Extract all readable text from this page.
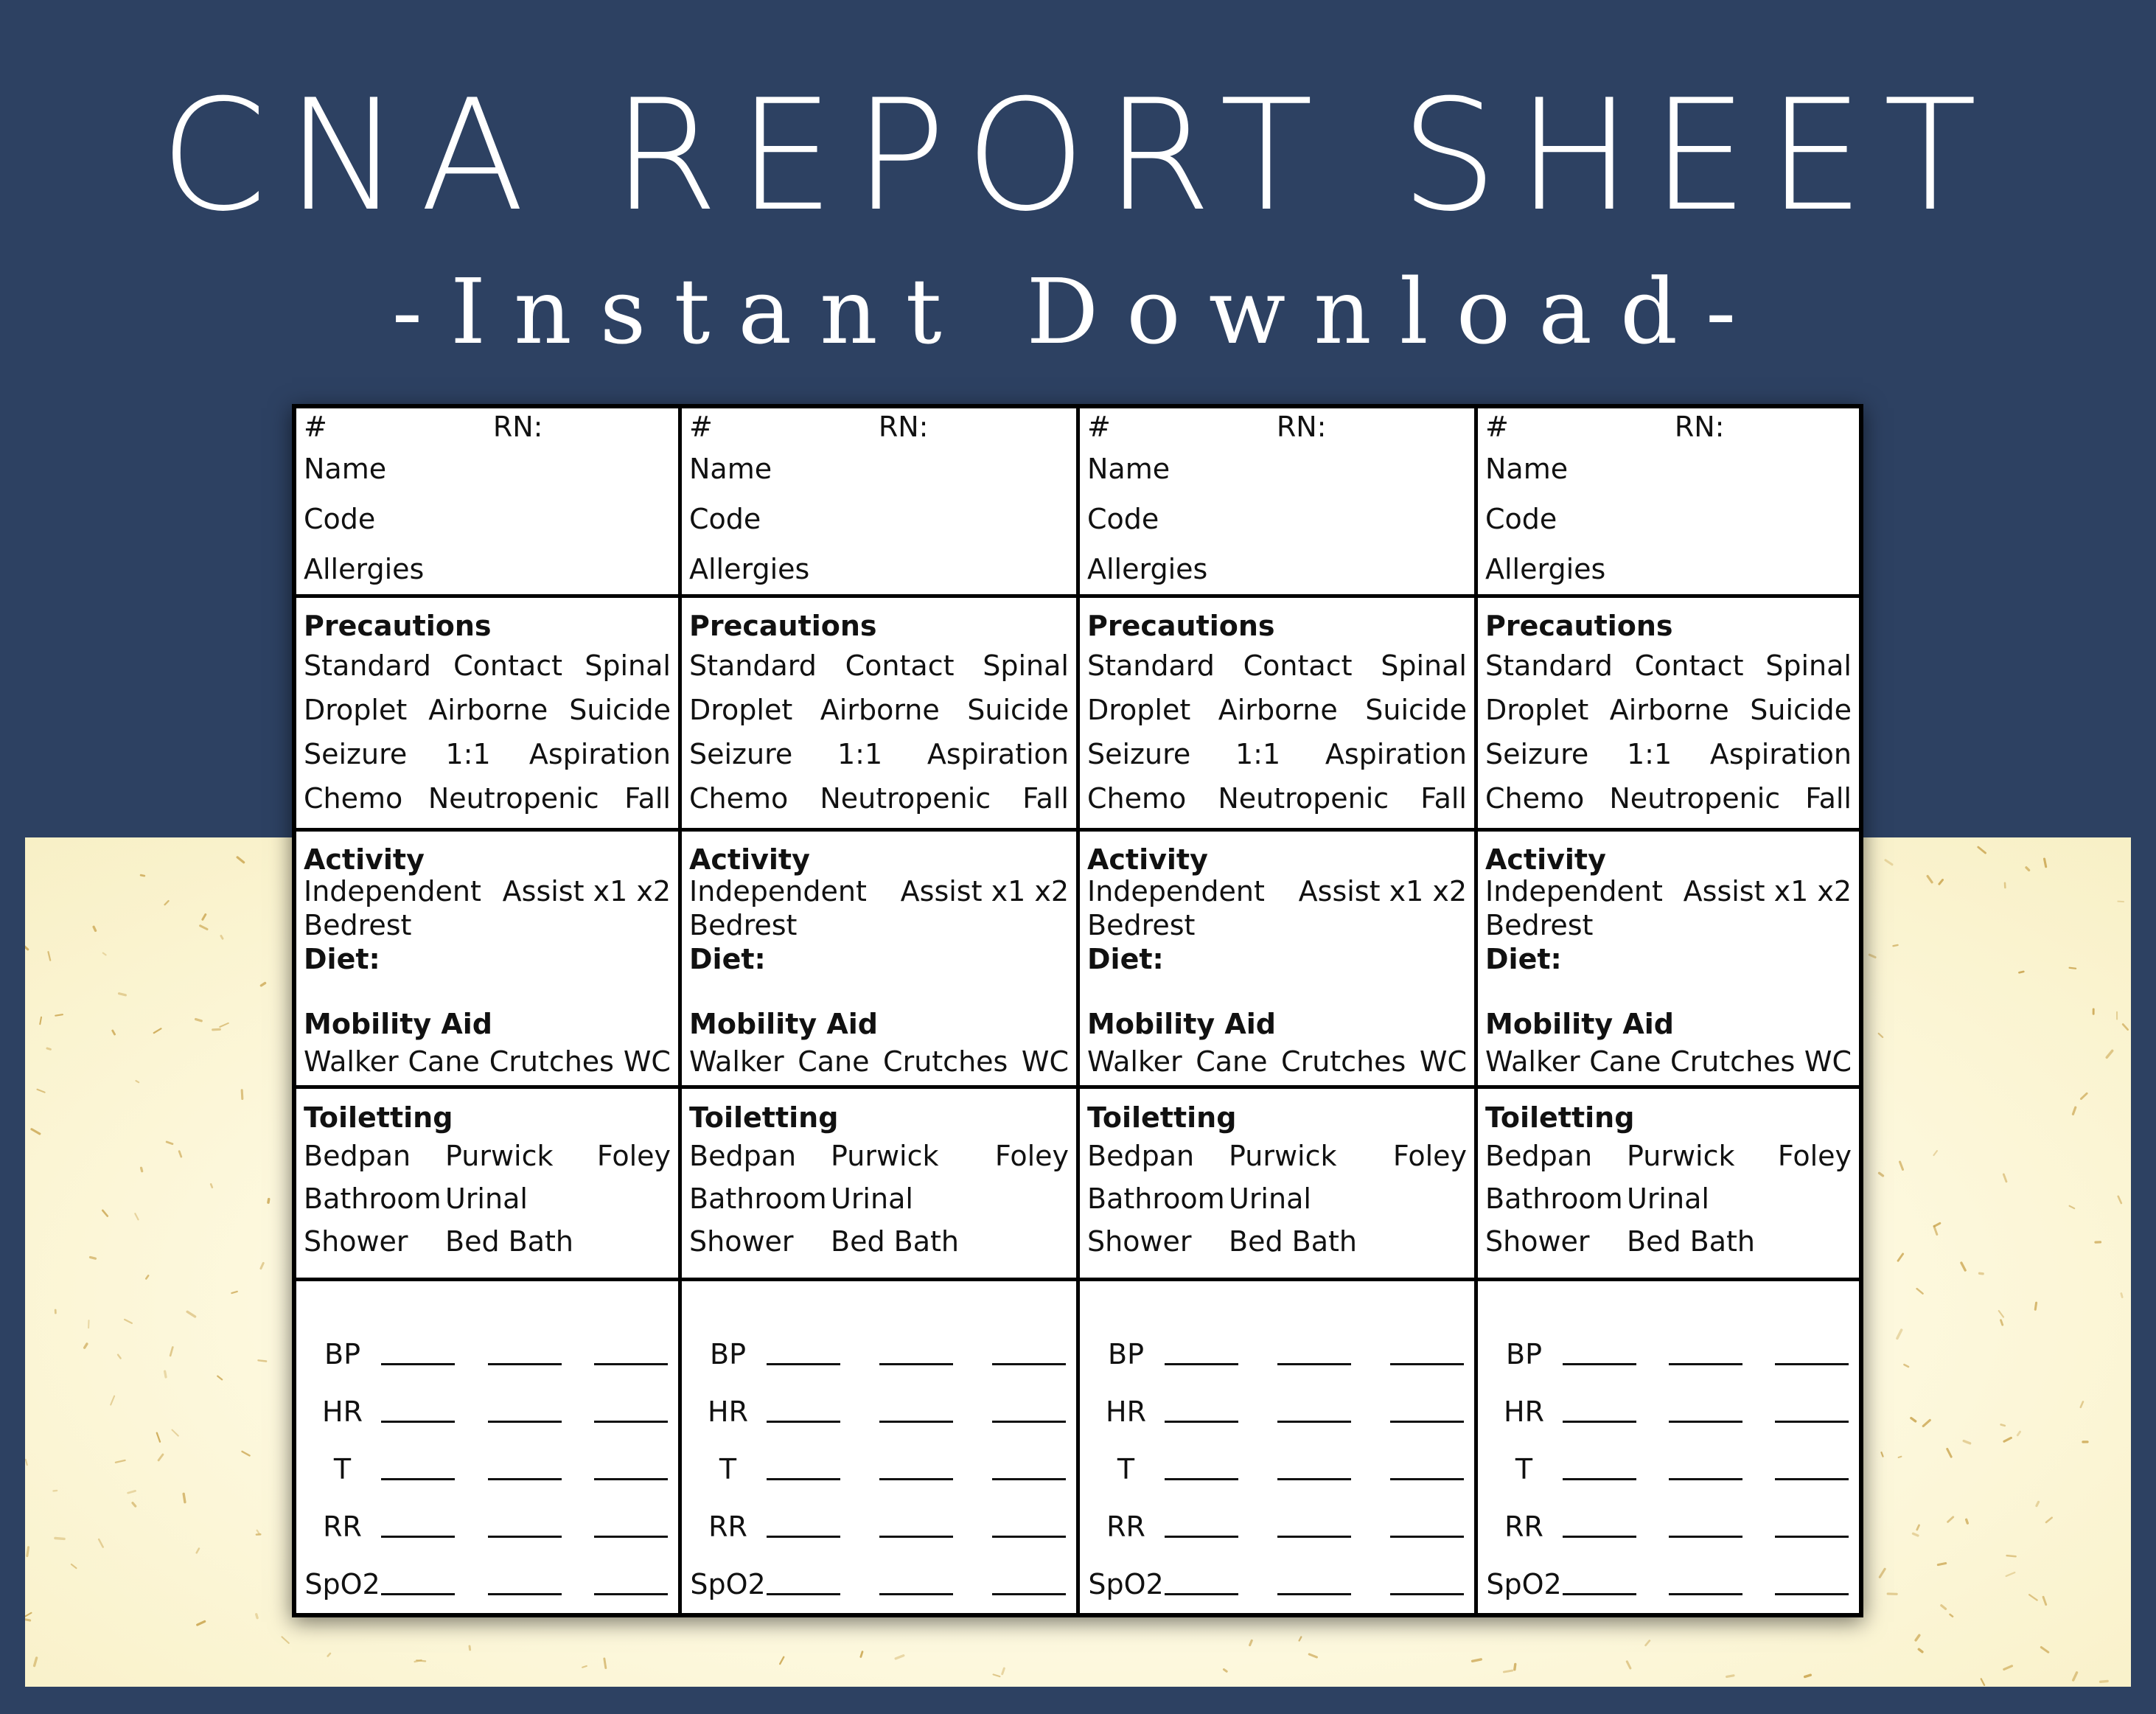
CNA REPORT SHEET
-Instant Download-
#	RN:
Name
Code
Allergies
Precautions
Standard Contact Spinal
Droplet Airborne Suicide
Seizure 1:1 Aspiration
Chemo Neutropenic Fall
Activity
Independent Assist x1 x2
Bedrest
Diet:
Mobility Aid
Walker Cane Crutches WC
Toiletting
Bedpan	Purwick	Foley
Bathroom Urinal
Shower	Bed Bath
BP
HR
T
RR
SpO2
#	RN:
Name
Code
Allergies
Precautions
Standard Contact Spinal
Droplet Airborne Suicide
Seizure 1:1 Aspiration
Chemo Neutropenic Fall
Activity
Independent Assist x1 x2
Bedrest
Diet:
Mobility Aid
Walker Cane Crutches WC
Toiletting
Bedpan	Purwick	Foley
Bathroom Urinal
Shower	Bed Bath
BP
HR
T
RR
SpO2
#	RN:
Name
Code
Allergies
Precautions
Standard Contact Spinal
Droplet Airborne Suicide
Seizure 1:1 Aspiration
Chemo Neutropenic Fall
Activity
Independent Assist x1 x2
Bedrest
Diet:
Mobility Aid
Walker Cane Crutches WC
Toiletting
Bedpan	Purwick	Foley
Bathroom Urinal
Shower	Bed Bath
BP
HR
T
RR
SpO2
#	RN:
Name
Code
Allergies
Precautions
Standard Contact Spinal
Droplet Airborne Suicide
Seizure 1:1 Aspiration
Chemo Neutropenic Fall
Activity
Independent Assist x1 x2
Bedrest
Diet:
Mobility Aid
Walker Cane Crutches WC
Toiletting
Bedpan	Purwick	Foley
Bathroom Urinal
Shower	Bed Bath
BP
HR
T
RR
SpO2
